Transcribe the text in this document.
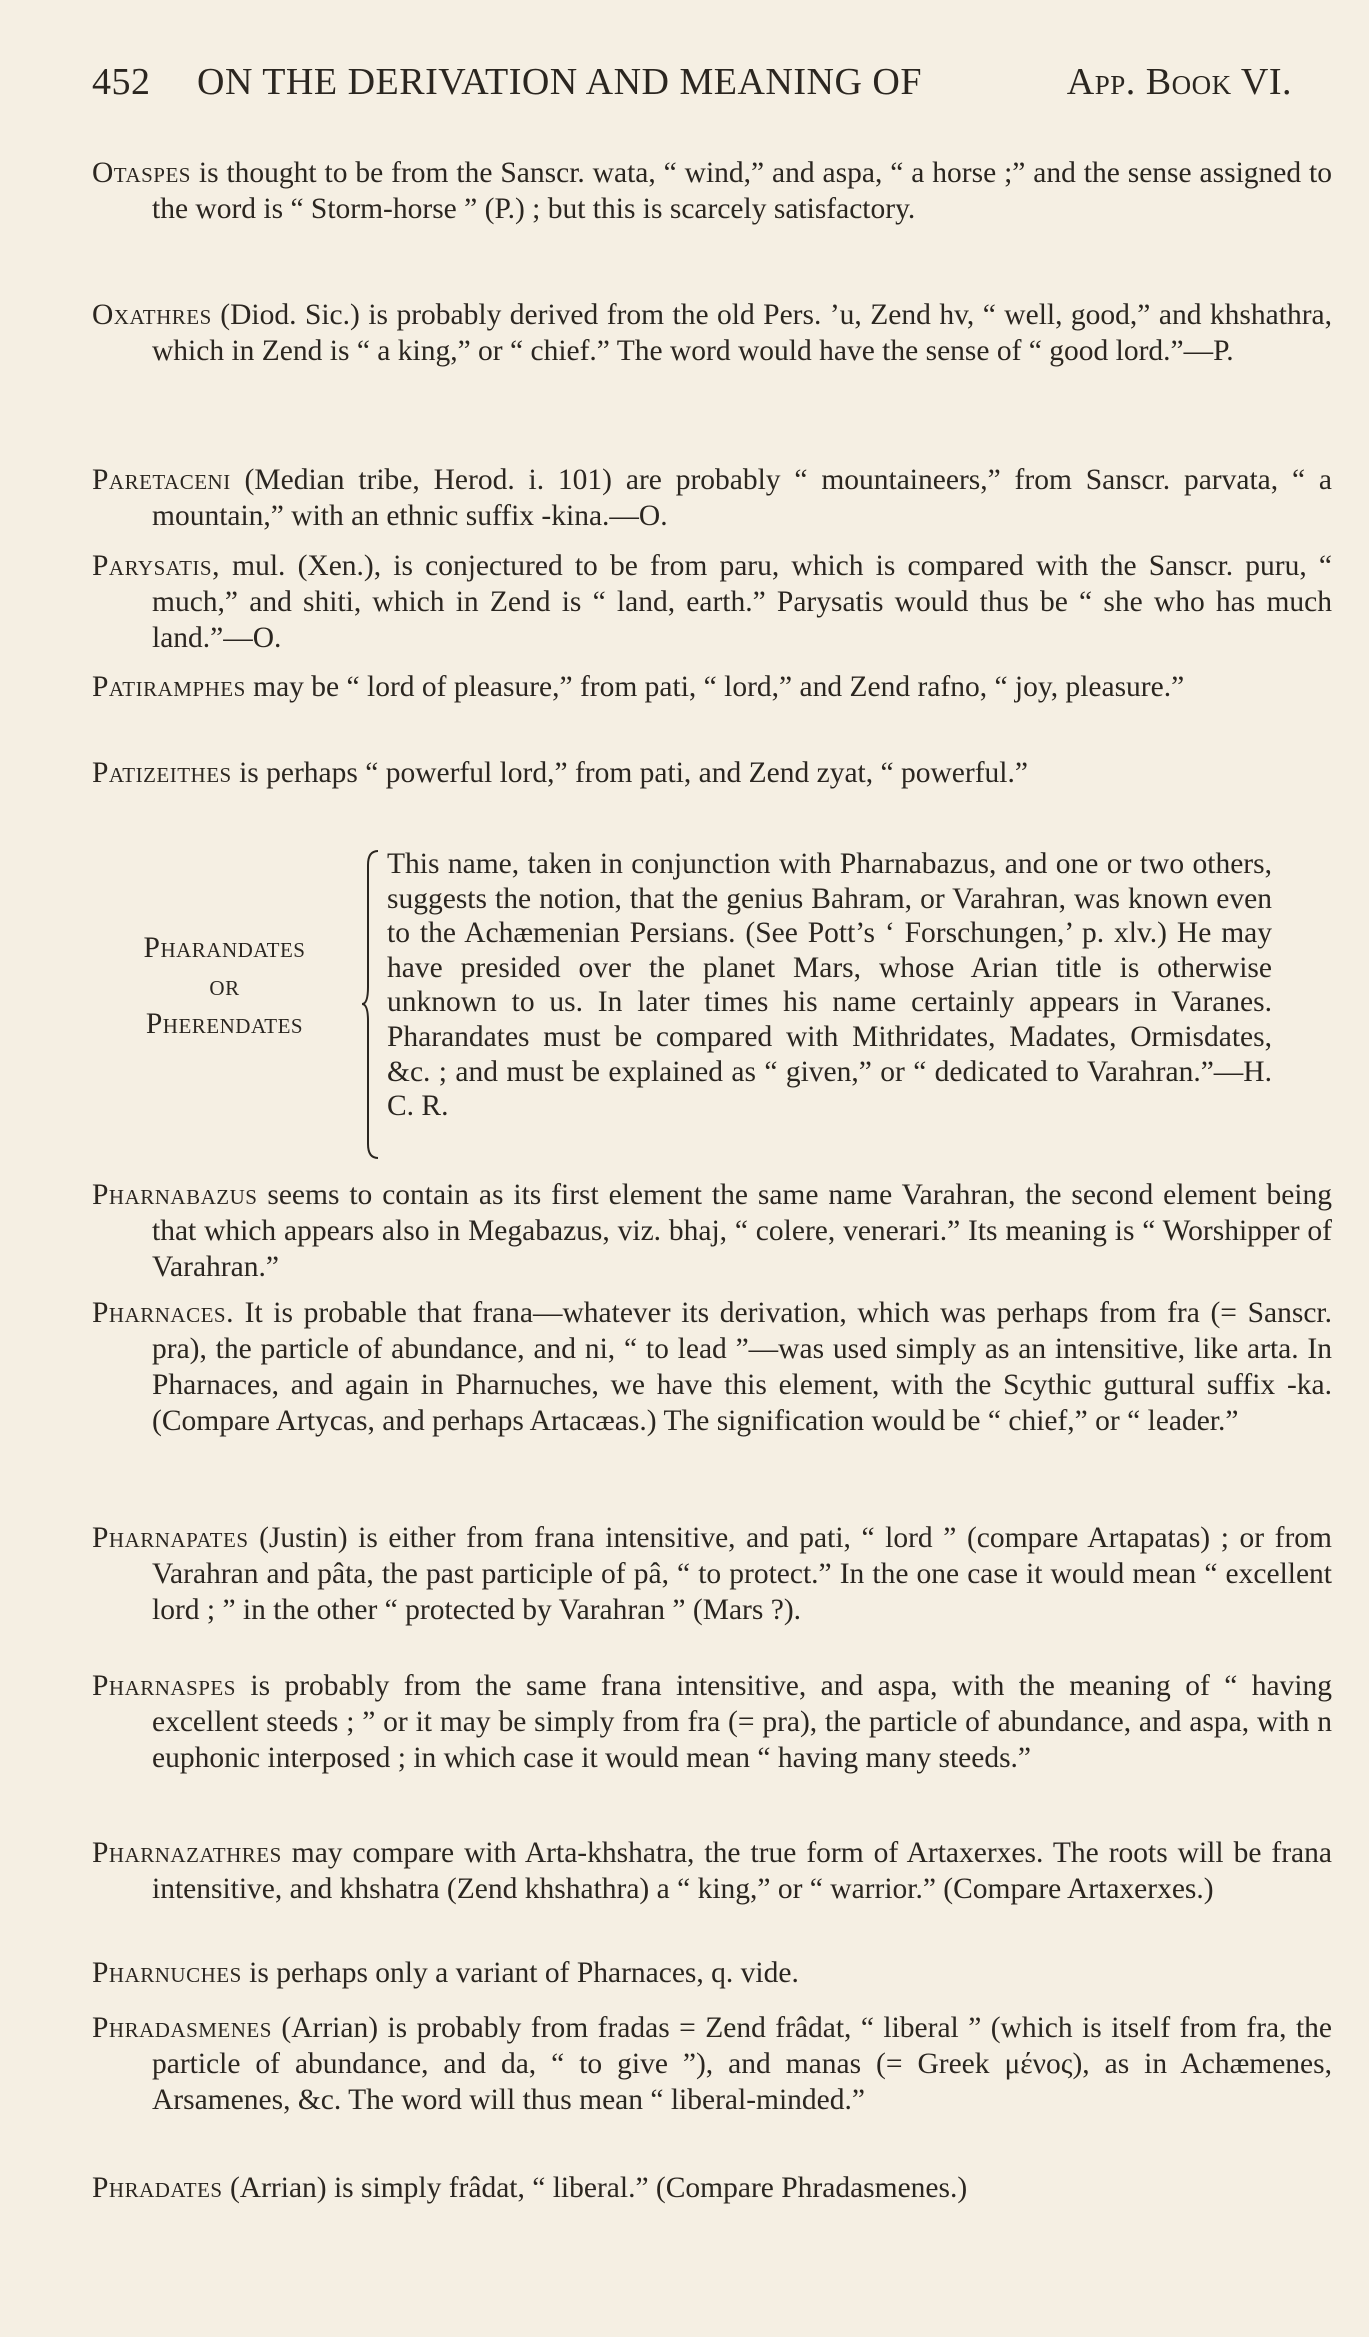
452 ON THE DERIVATION AND MEANING OF	App. Book VI.
Otaspes is thought to be from the Sanscr. wata, “ wind,” and aspa, “ a horse ;” and the sense assigned to the word is “ Storm-horse ” (P.) ; but this is scarcely satisfactory.
Oxathres (Diod. Sic.) is probably derived from the old Pers. ’u, Zend hv, “ well, good,” and khshathra, which in Zend is “ a king,” or “ chief.” The word would have the sense of “ good lord.”—P.
Paretaceni (Median tribe, Herod. i. 101) are probably “ mountaineers,” from Sanscr. parvata, “ a mountain,” with an ethnic suffix -kina.—O.
Parysatis, mul. (Xen.), is conjectured to be from paru, which is compared with the Sanscr. puru, “ much,” and shiti, which in Zend is “ land, earth.” Parysatis would thus be “ she who has much land.”—O.
Patiramphes may be “ lord of pleasure,” from pati, “ lord,” and Zend rafno, “ joy, pleasure.”
Patizeithes is perhaps “ powerful lord,” from pati, and Zend zyat, “ powerful.”
Pharandates
or
Pherendates
This name, taken in conjunction with Pharnabazus, and one or two others, suggests the notion, that the genius Bahram, or Varahran, was known even to the Achæmenian Persians. (See Pott’s ‘ Forschungen,’ p. xlv.) He may have presided over the planet Mars, whose Arian title is otherwise unknown to us. In later times his name certainly appears in Varanes. Pharandates must be compared with Mithridates, Madates, Ormisdates, &c. ; and must be explained as “ given,” or “ dedicated to Varahran.”—H. C. R.
Pharnabazus seems to contain as its first element the same name Varahran, the second element being that which appears also in Megabazus, viz. bhaj, “ colere, venerari.” Its meaning is “ Worshipper of Varahran.”
Pharnaces. It is probable that frana—whatever its derivation, which was perhaps from fra (= Sanscr. pra), the particle of abundance, and ni, “ to lead ”—was used simply as an intensitive, like arta. In Pharnaces, and again in Pharnuches, we have this element, with the Scythic guttural suffix -ka. (Compare Artycas, and perhaps Artacæas.) The signification would be “ chief,” or “ leader.”
Pharnapates (Justin) is either from frana intensitive, and pati, “ lord ” (compare Artapatas) ; or from Varahran and pâta, the past participle of pâ, “ to protect.” In the one case it would mean “ excellent lord ; ” in the other “ protected by Varahran ” (Mars ?).
Pharnaspes is probably from the same frana intensitive, and aspa, with the meaning of “ having excellent steeds ; ” or it may be simply from fra (= pra), the particle of abundance, and aspa, with n euphonic interposed ; in which case it would mean “ having many steeds.”
Pharnazathres may compare with Arta-khshatra, the true form of Artaxerxes. The roots will be frana intensitive, and khshatra (Zend khshathra) a “ king,” or “ warrior.” (Compare Artaxerxes.)
Pharnuches is perhaps only a variant of Pharnaces, q. vide.
Phradasmenes (Arrian) is probably from fradas = Zend frâdat, “ liberal ” (which is itself from fra, the particle of abundance, and da, “ to give ”), and manas (= Greek μένος), as in Achæmenes, Arsamenes, &c. The word will thus mean “ liberal-minded.”
Phradates (Arrian) is simply frâdat, “ liberal.” (Compare Phradasmenes.)
